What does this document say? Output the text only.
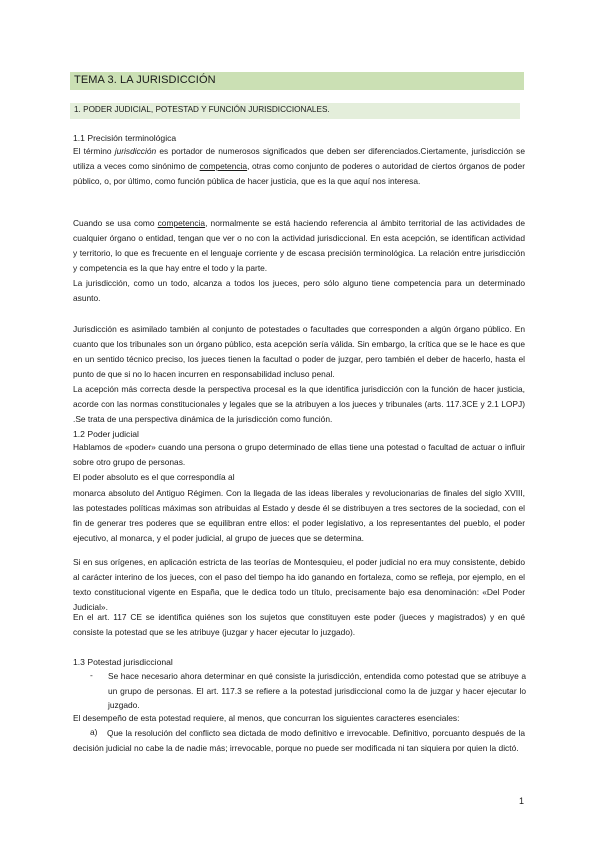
TEMA 3. LA JURISDICCIÓN
1. PODER JUDICIAL, POTESTAD Y FUNCIÓN JURISDICCIONALES.
1.1 Precisión terminológica

El término jurisdicción es portador de numerosos significados que deben ser diferenciados.Ciertamente, jurisdicción se utiliza a veces como sinónimo de competencia, otras como conjunto de poderes o autoridad de ciertos órganos de poder público, o, por último, como función pública de hacer justicia, que es la que aquí nos interesa.

Cuando se usa como competencia, normalmente se está haciendo referencia al ámbito territorial de las actividades de cualquier órgano o entidad, tengan que ver o no con la actividad jurisdiccional. En esta acepción, se identifican actividad y territorio, lo que es frecuente en el lenguaje corriente y de escasa precisión terminológica. La relación entre jurisdicción y competencia es la que hay entre el todo y la parte.

La jurisdicción, como un todo, alcanza a todos los jueces, pero sólo alguno tiene competencia para un determinado asunto.
Jurisdicción es asimilado también al conjunto de potestades o facultades que corresponden a algún órgano público. En cuanto que los tribunales son un órgano público, esta acepción sería válida. Sin embargo, la crítica que se le hace es que en un sentido técnico preciso, los jueces tienen la facultad o poder de juzgar, pero también el deber de hacerlo, hasta el punto de que si no lo hacen incurren en responsabilidad incluso penal.
La acepción más correcta desde la perspectiva procesal es la que identifica jurisdicción con la función de hacer justicia, acorde con las normas constitucionales y legales que se la atribuyen a los jueces y tribunales (arts. 117.3CE y 2.1 LOPJ) .Se trata de una perspectiva dinámica de la jurisdicción como función.
1.2 Poder judicial
Hablamos de «poder» cuando una persona o grupo determinado de ellas tiene una potestad o facultad de actuar o influir sobre otro grupo de personas.
El poder absoluto es el que correspondía al
monarca absoluto del Antiguo Régimen. Con la llegada de las ideas liberales y revolucionarias de finales del siglo XVIII, las potestades políticas máximas son atribuidas al Estado y desde él se distribuyen a tres sectores de la sociedad, con el fin de generar tres poderes que se equilibran entre ellos: el poder legislativo, a los representantes del pueblo, el poder ejecutivo, al monarca, y el poder judicial, al grupo de jueces que se determina.
Si en sus orígenes, en aplicación estricta de las teorías de Montesquieu, el poder judicial no era muy consistente, debido al carácter interino de los jueces, con el paso del tiempo ha ido ganando en fortaleza, como se refleja, por ejemplo, en el texto constitucional vigente en España, que le dedica todo un título, precisamente bajo esa denominación: «Del Poder Judicial».
En el art. 117 CE se identifica quiénes son los sujetos que constituyen este poder (jueces y magistrados) y en qué consiste la potestad que se les atribuye (juzgar y hacer ejecutar lo juzgado).
1.3 Potestad jurisdiccional
- Se hace necesario ahora determinar en qué consiste la jurisdicción, entendida como potestad que se atribuye a un grupo de personas. El art. 117.3 se refiere a la potestad jurisdiccional como la de juzgar y hacer ejecutar lo juzgado.
El desempeño de esta potestad requiere, al menos, que concurran los siguientes caracteres esenciales:
a)	Que la resolución del conflicto sea dictada de modo definitivo e irrevocable. Definitivo, porcuanto después de la decisión judicial no cabe la de nadie más; irrevocable, porque no puede ser modificada ni tan siquiera por quien la dictó.
1
